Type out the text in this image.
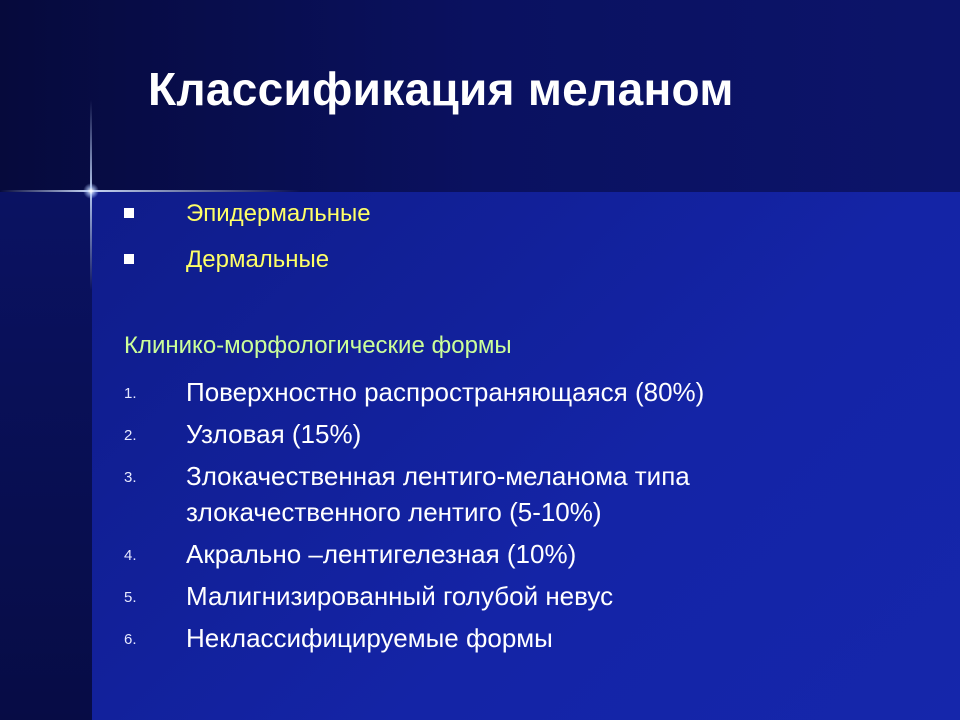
Классификация меланом
Эпидермальные
Дермальные
Клинико-морфологические формы
1. Поверхностно распространяющаяся (80%)
2. Узловая (15%)
3. Злокачественная лентиго-меланома типа злокачественного лентиго (5-10%)
4. Акрально –лентигелезная (10%)
5. Малигнизированный голубой невус
6. Неклассифицируемые формы
